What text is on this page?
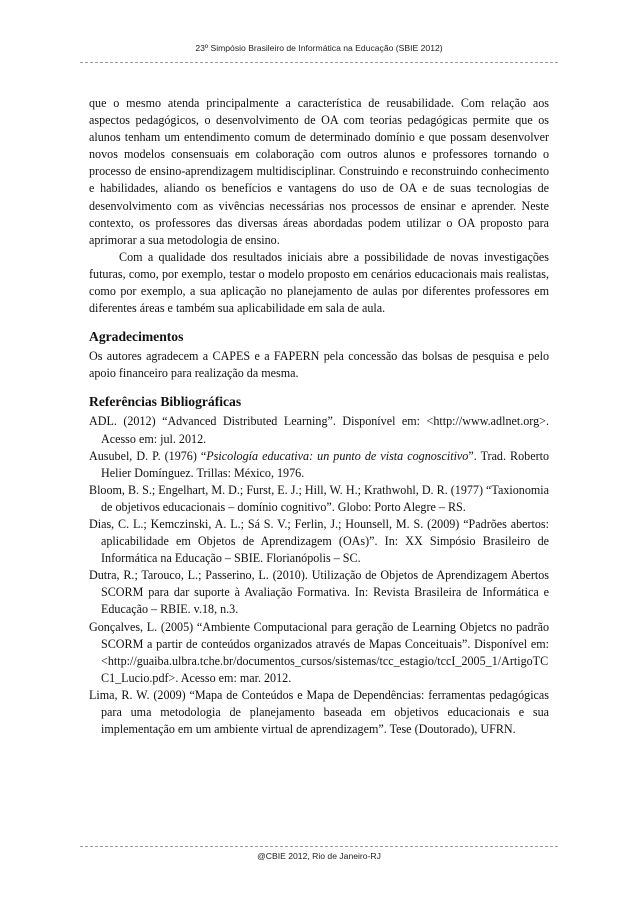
23º Simpósio Brasileiro de Informática na Educação (SBIE 2012)

que o mesmo atenda principalmente a característica de reusabilidade. Com relação aos aspectos pedagógicos, o desenvolvimento de OA com teorias pedagógicas permite que os alunos tenham um entendimento comum de determinado domínio e que possam desenvolver novos modelos consensuais em colaboração com outros alunos e professores tornando o processo de ensino-aprendizagem multidisciplinar. Construindo e reconstruindo conhecimento e habilidades, aliando os benefícios e vantagens do uso de OA e de suas tecnologias de desenvolvimento com as vivências necessárias nos processos de ensinar e aprender. Neste contexto, os professores das diversas áreas abordadas podem utilizar o OA proposto para aprimorar a sua metodologia de ensino.

Com a qualidade dos resultados iniciais abre a possibilidade de novas investigações futuras, como, por exemplo, testar o modelo proposto em cenários educacionais mais realistas, como por exemplo, a sua aplicação no planejamento de aulas por diferentes professores em diferentes áreas e também sua aplicabilidade em sala de aula.

Agradecimentos

Os autores agradecem a CAPES e a FAPERN pela concessão das bolsas de pesquisa e pelo apoio financeiro para realização da mesma.

Referências Bibliográficas

ADL. (2012) “Advanced Distributed Learning”. Disponível em: <http://www.adlnet.org>. Acesso em: jul. 2012.

Ausubel, D. P. (1976) “Psicología educativa: un punto de vista cognoscitivo”. Trad. Roberto Helier Domínguez. Trillas: México, 1976.

Bloom, B. S.; Engelhart, M. D.; Furst, E. J.; Hill, W. H.; Krathwohl, D. R. (1977) “Taxionomia de objetivos educacionais – domínio cognitivo”. Globo: Porto Alegre – RS.

Dias, C. L.; Kemczinski, A. L.; Sá S. V.; Ferlin, J.; Hounsell, M. S. (2009) “Padrões abertos: aplicabilidade em Objetos de Aprendizagem (OAs)”. In: XX Simpósio Brasileiro de Informática na Educação – SBIE. Florianópolis – SC.

Dutra, R.; Tarouco, L.; Passerino, L. (2010). Utilização de Objetos de Aprendizagem Abertos SCORM para dar suporte à Avaliação Formativa. In: Revista Brasileira de Informática e Educação – RBIE. v.18, n.3.

Gonçalves, L. (2005) “Ambiente Computacional para geração de Learning Objetcs no padrão SCORM a partir de conteúdos organizados através de Mapas Conceituais”. Disponível em: <http://guaiba.ulbra.tche.br/documentos_cursos/sistemas/tcc_estagio/tccI_2005_1/ArtigoTCC1_Lucio.pdf>. Acesso em: mar. 2012.

Lima, R. W. (2009) “Mapa de Conteúdos e Mapa de Dependências: ferramentas pedagógicas para uma metodologia de planejamento baseada em objetivos educacionais e sua implementação em um ambiente virtual de aprendizagem”. Tese (Doutorado), UFRN.

@CBIE 2012, Rio de Janeiro-RJ
